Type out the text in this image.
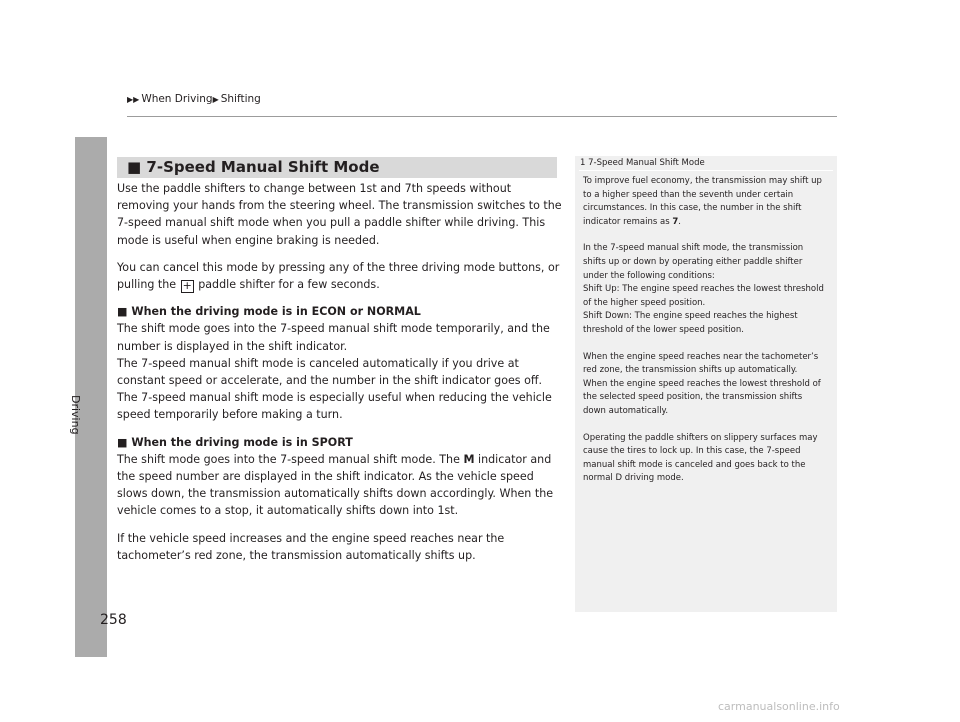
Driving
▶▶ When Driving▶ Shifting
■ 7-Speed Manual Shift Mode

Use the paddle shifters to change between 1st and 7th speeds without removing your hands from the steering wheel. The transmission switches to the 7-speed manual shift mode when you pull a paddle shifter while driving. This mode is useful when engine braking is needed.

You can cancel this mode by pressing any of the three driving mode buttons, or pulling the + paddle shifter for a few seconds.

■ When the driving mode is in ECON or NORMAL
The shift mode goes into the 7-speed manual shift mode temporarily, and the number is displayed in the shift indicator.
The 7-speed manual shift mode is canceled automatically if you drive at constant speed or accelerate, and the number in the shift indicator goes off.

The 7-speed manual shift mode is especially useful when reducing the vehicle speed temporarily before making a turn.

■ When the driving mode is in SPORT

The shift mode goes into the 7-speed manual shift mode. The M indicator and the speed number are displayed in the shift indicator. As the vehicle speed slows down, the transmission automatically shifts down accordingly. When the vehicle comes to a stop, it automatically shifts down into 1st.

If the vehicle speed increases and the engine speed reaches near the tachometer’s red zone, the transmission automatically shifts up.

1 7-Speed Manual Shift Mode

To improve fuel economy, the transmission may shift up to a higher speed than the seventh under certain circumstances. In this case, the number in the shift indicator remains as 7.

In the 7-speed manual shift mode, the transmission shifts up or down by operating either paddle shifter under the following conditions:
Shift Up: The engine speed reaches the lowest threshold of the higher speed position.
Shift Down: The engine speed reaches the highest threshold of the lower speed position.

When the engine speed reaches near the tachometer’s red zone, the transmission shifts up automatically.
When the engine speed reaches the lowest threshold of the selected speed position, the transmission shifts down automatically.

Operating the paddle shifters on slippery surfaces may cause the tires to lock up. In this case, the 7-speed manual shift mode is canceled and goes back to the normal D driving mode.

258
carmanualsonline.info
